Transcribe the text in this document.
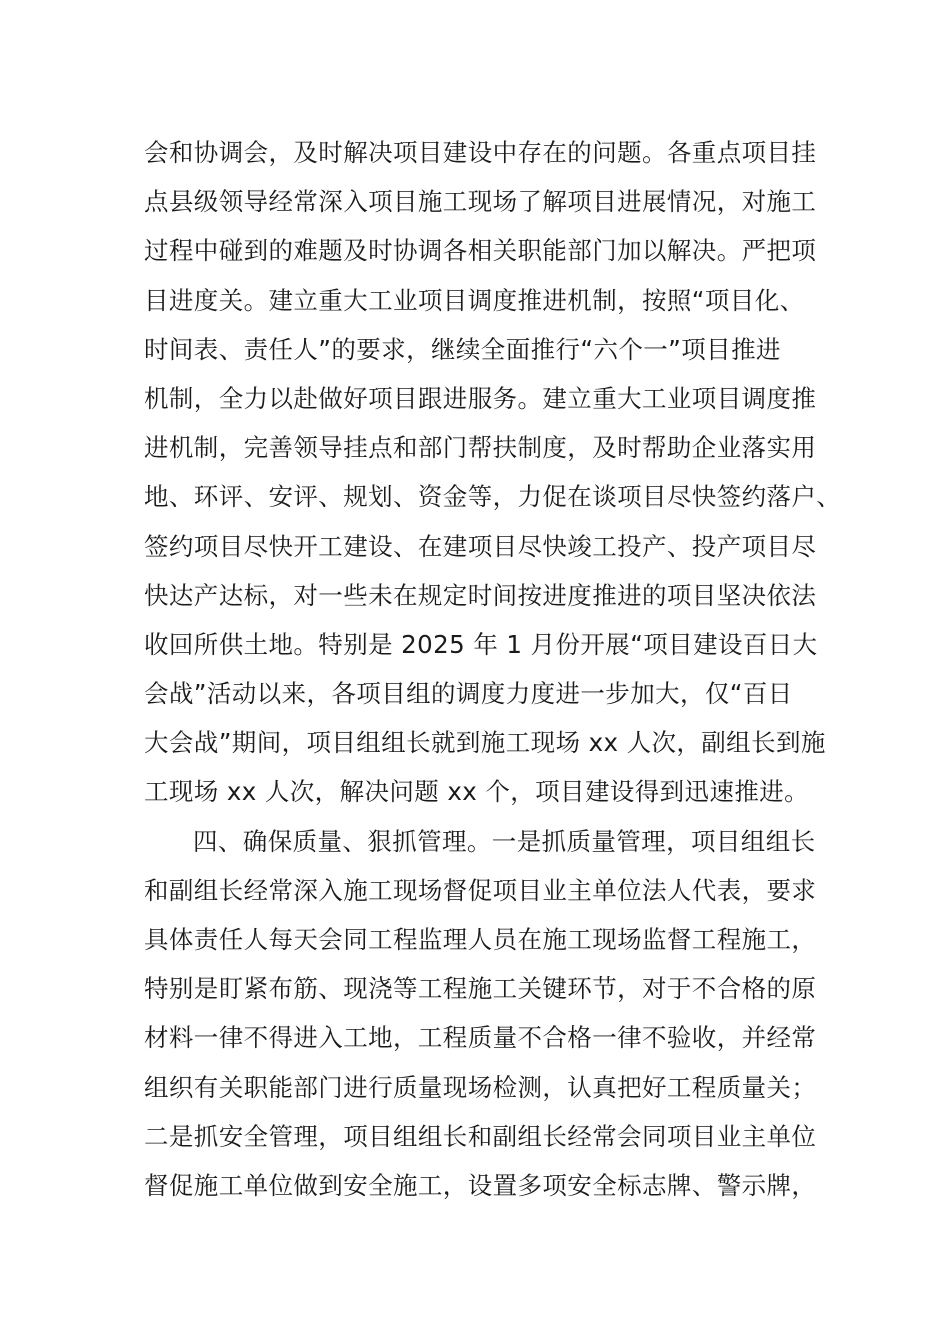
会和协调会，及时解决项目建设中存在的问题。各重点项目挂
点县级领导经常深入项目施工现场了解项目进展情况，对施工
过程中碰到的难题及时协调各相关职能部门加以解决。严把项
目进度关。建立重大工业项目调度推进机制，按照“项目化、
时间表、责任人”的要求，继续全面推行“六个一”项目推进
机制，全力以赴做好项目跟进服务。建立重大工业项目调度推
进机制，完善领导挂点和部门帮扶制度，及时帮助企业落实用
地、环评、安评、规划、资金等，力促在谈项目尽快签约落户、
签约项目尽快开工建设、在建项目尽快竣工投产、投产项目尽
快达产达标，对一些未在规定时间按进度推进的项目坚决依法
收回所供土地。特别是 2025 年 1 月份开展“项目建设百日大
会战”活动以来，各项目组的调度力度进一步加大，仅“百日
大会战”期间，项目组组长就到施工现场 xx 人次，副组长到施
工现场 xx 人次，解决问题 xx 个，项目建设得到迅速推进。
四、确保质量、狠抓管理。一是抓质量管理，项目组组长
和副组长经常深入施工现场督促项目业主单位法人代表，要求
具体责任人每天会同工程监理人员在施工现场监督工程施工，
特别是盯紧布筋、现浇等工程施工关键环节，对于不合格的原
材料一律不得进入工地，工程质量不合格一律不验收，并经常
组织有关职能部门进行质量现场检测，认真把好工程质量关；
二是抓安全管理，项目组组长和副组长经常会同项目业主单位
督促施工单位做到安全施工，设置多项安全标志牌、警示牌，
